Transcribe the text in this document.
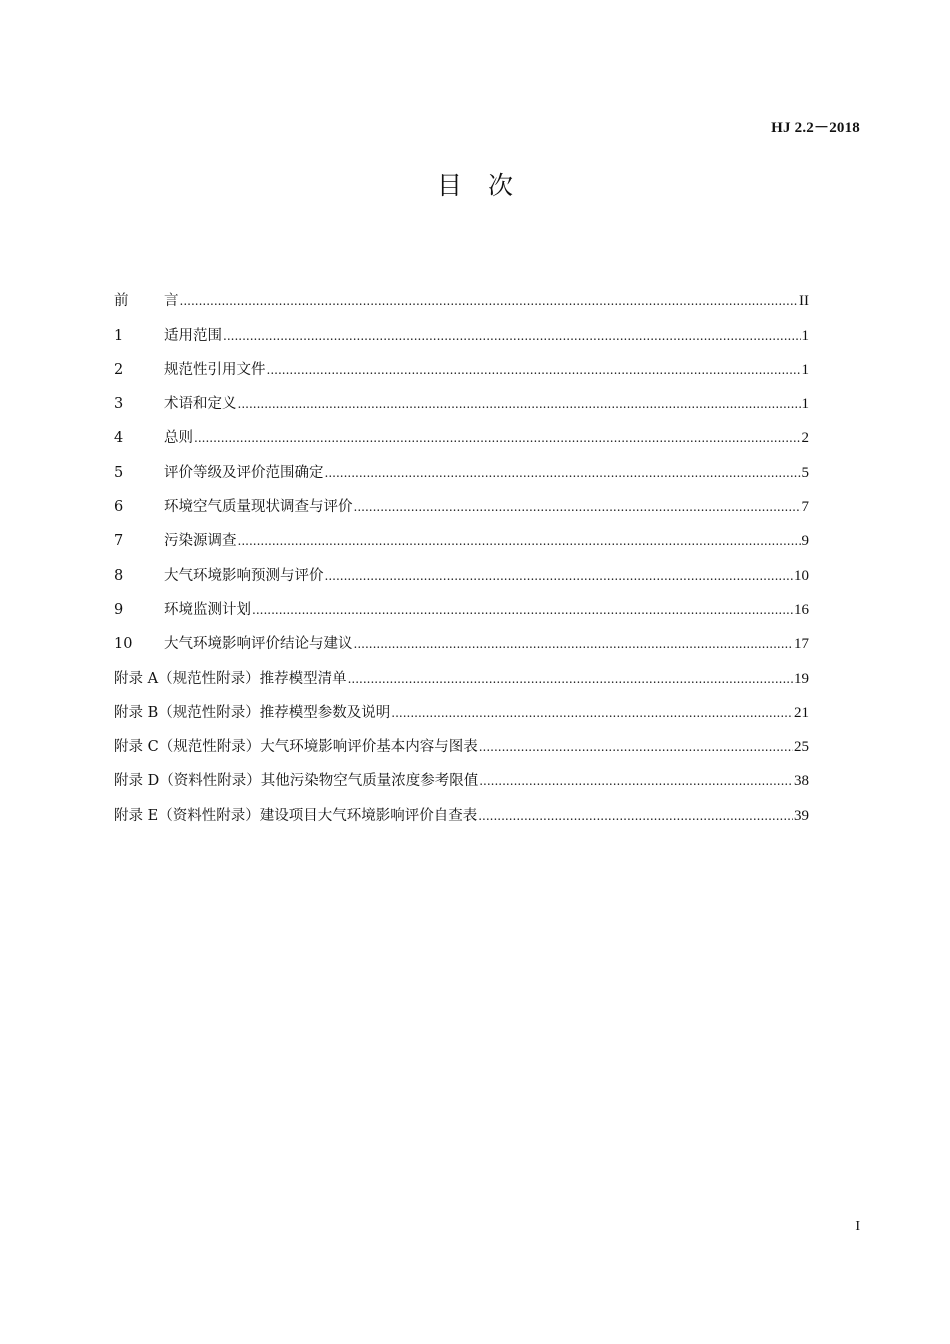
HJ 2.2－2018
目次
前	言 .....	II
1	适用范围 .....	1
2	规范性引用文件 .....	1
3	术语和定义 .....	1
4	总则 .....	2
5	评价等级及评价范围确定 .....	5
6	环境空气质量现状调查与评价 .....	7
7	污染源调查 .....	9
8	大气环境影响预测与评价 .....	10
9	环境监测计划 .....	16
10	大气环境影响评价结论与建议 .....	17
附录 A（规范性附录） 推荐模型清单 .....	19
附录 B（规范性附录） 推荐模型参数及说明 .....	21
附录 C（规范性附录） 大气环境影响评价基本内容与图表 .....	25
附录 D（资料性附录） 其他污染物空气质量浓度参考限值 .....	38
附录 E（资料性附录） 建设项目大气环境影响评价自查表 .....	39
I
